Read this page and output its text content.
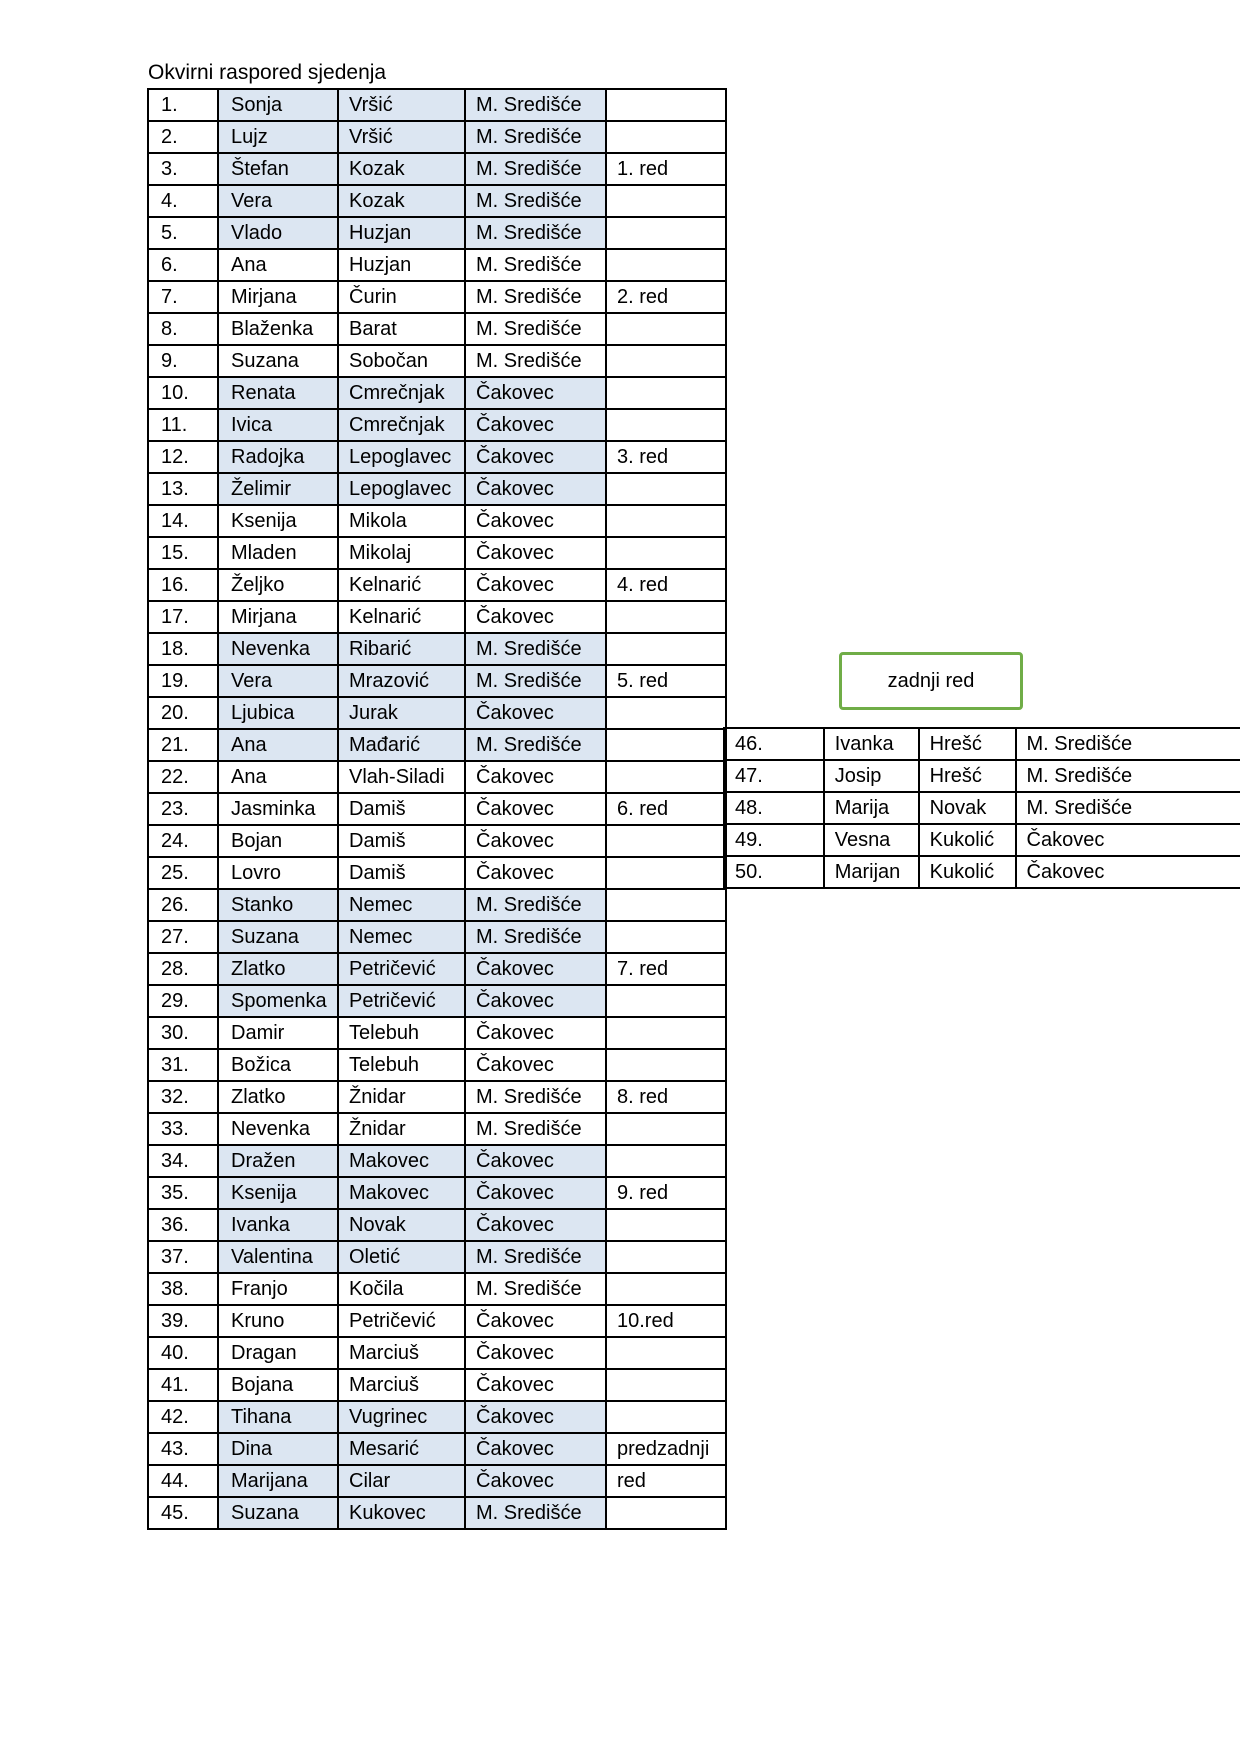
Okvirni raspored sjedenja
1.	Sonja	Vršić	M. Središće	
2.	Lujz	Vršić	M. Središće	
3.	Štefan	Kozak	M. Središće	1. red
4.	Vera	Kozak	M. Središće	
5.	Vlado	Huzjan	M. Središće	
6.	Ana	Huzjan	M. Središće	
7.	Mirjana	Čurin	M. Središće	2. red
8.	Blaženka	Barat	M. Središće	
9.	Suzana	Sobočan	M. Središće	
10.	Renata	Cmrečnjak	Čakovec	
11.	Ivica	Cmrečnjak	Čakovec	
12.	Radojka	Lepoglavec	Čakovec	3. red
13.	Želimir	Lepoglavec	Čakovec	
14.	Ksenija	Mikola	Čakovec	
15.	Mladen	Mikolaj	Čakovec	
16.	Željko	Kelnarić	Čakovec	4. red
17.	Mirjana	Kelnarić	Čakovec	
18.	Nevenka	Ribarić	M. Središće	
19.	Vera	Mrazović	M. Središće	5. red
20.	Ljubica	Jurak	Čakovec	
21.	Ana	Mađarić	M. Središće	
22.	Ana	Vlah-Siladi	Čakovec	
23.	Jasminka	Damiš	Čakovec	6. red
24.	Bojan	Damiš	Čakovec	
25.	Lovro	Damiš	Čakovec	
26.	Stanko	Nemec	M. Središće	
27.	Suzana	Nemec	M. Središće	
28.	Zlatko	Petričević	Čakovec	7. red
29.	Spomenka	Petričević	Čakovec	
30.	Damir	Telebuh	Čakovec	
31.	Božica	Telebuh	Čakovec	
32.	Zlatko	Žnidar	M. Središće	8. red
33.	Nevenka	Žnidar	M. Središće	
34.	Dražen	Makovec	Čakovec	
35.	Ksenija	Makovec	Čakovec	9. red
36.	Ivanka	Novak	Čakovec	
37.	Valentina	Oletić	M. Središće	
38.	Franjo	Kočila	M. Središće	
39.	Kruno	Petričević	Čakovec	10.red
40.	Dragan	Marciuš	Čakovec	
41.	Bojana	Marciuš	Čakovec	
42.	Tihana	Vugrinec	Čakovec	
43.	Dina	Mesarić	Čakovec	predzadnji
44.	Marijana	Cilar	Čakovec	red
45.	Suzana	Kukovec	M. Središće	
zadnji red
46.	Ivanka	Hrešć	M. Središće
47.	Josip	Hrešć	M. Središće
48.	Marija	Novak	M. Središće
49.	Vesna	Kukolić	Čakovec
50.	Marijan	Kukolić	Čakovec
